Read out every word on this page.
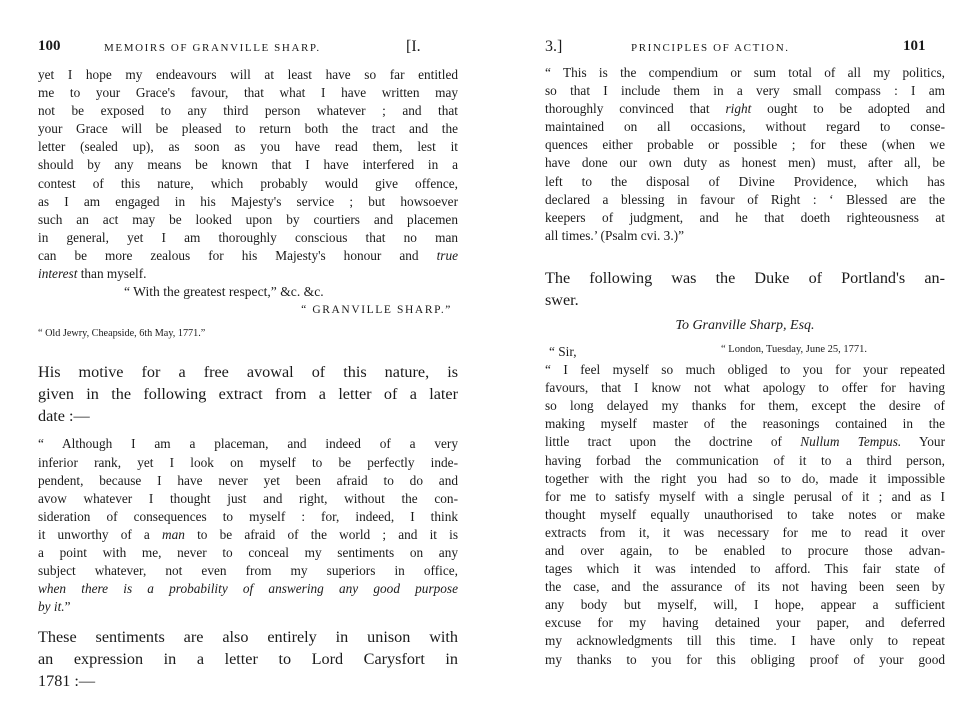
100	MEMOIRS OF GRANVILLE SHARP.	[I.
yet I hope my endeavours will at least have so far entitled
me to your Grace's favour, that what I have written may
not be exposed to any third person whatever ; and that
your Grace will be pleased to return both the tract and the
letter (sealed up), as soon as you have read them, lest it
should by any means be known that I have interfered in a
contest of this nature, which probably would give offence,
as I am engaged in his Majesty's service ; but howsoever
such an act may be looked upon by courtiers and placemen
in general, yet I am thoroughly conscious that no man
can be more zealous for his Majesty's honour and true
interest than myself.
“ With the greatest respect,” &c. &c.
“ GRANVILLE SHARP.”
“ Old Jewry, Cheapside, 6th May, 1771.”
His motive for a free avowal of this nature, is
given in the following extract from a letter of a later
date :—
“ Although I am a placeman, and indeed of a very
inferior rank, yet I look on myself to be perfectly inde-
pendent, because I have never yet been afraid to do and
avow whatever I thought just and right, without the con-
sideration of consequences to myself : for, indeed, I think
it unworthy of a man to be afraid of the world ; and it is
a point with me, never to conceal my sentiments on any
subject whatever, not even from my superiors in office,
when there is a probability of answering any good purpose
by it.”
These sentiments are also entirely in unison with
an expression in a letter to Lord Carysfort in
1781 :—
3.]	PRINCIPLES OF ACTION.	101
“ This is the compendium or sum total of all my politics,
so that I include them in a very small compass : I am
thoroughly convinced that right ought to be adopted and
maintained on all occasions, without regard to conse-
quences either probable or possible ; for these (when we
have done our own duty as honest men) must, after all, be
left to the disposal of Divine Providence, which has
declared a blessing in favour of Right : ‘ Blessed are the
keepers of judgment, and he that doeth righteousness at
all times.’ (Psalm cvi. 3.)”
The following was the Duke of Portland's an-
swer.
To Granville Sharp, Esq.
“ Sir,	“ London, Tuesday, June 25, 1771.
“ I feel myself so much obliged to you for your repeated
favours, that I know not what apology to offer for having
so long delayed my thanks for them, except the desire of
making myself master of the reasonings contained in the
little tract upon the doctrine of Nullum Tempus. Your
having forbad the communication of it to a third person,
together with the right you had so to do, made it impossible
for me to satisfy myself with a single perusal of it ; and as I
thought myself equally unauthorised to take notes or make
extracts from it, it was necessary for me to read it over
and over again, to be enabled to procure those advan-
tages which it was intended to afford. This fair state of
the case, and the assurance of its not having been seen by
any body but myself, will, I hope, appear a sufficient
excuse for my having detained your paper, and deferred
my acknowledgments till this time. I have only to repeat
my thanks to you for this obliging proof of your good
